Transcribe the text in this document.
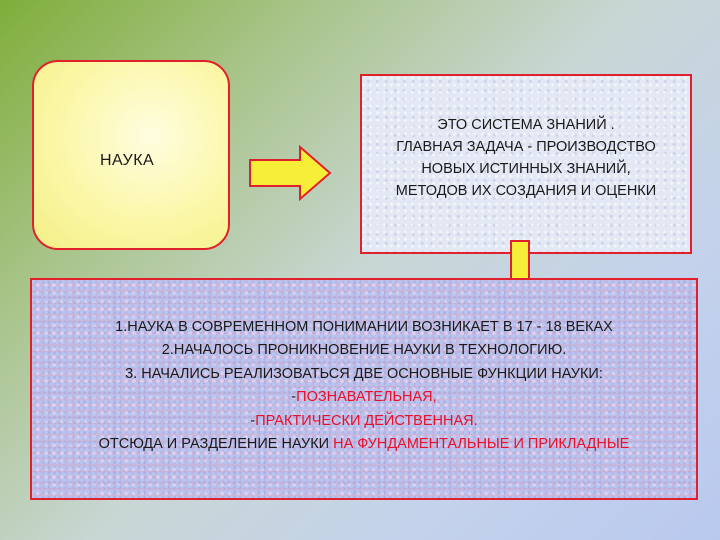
НАУКА
ЭТО СИСТЕМА ЗНАНИЙ .
ГЛАВНАЯ ЗАДАЧА - ПРОИЗВОДСТВО
НОВЫХ ИСТИННЫХ ЗНАНИЙ,
МЕТОДОВ ИХ СОЗДАНИЯ И ОЦЕНКИ
1.НАУКА В СОВРЕМЕННОМ ПОНИМАНИИ ВОЗНИКАЕТ В 17 - 18 ВЕКАХ
2.НАЧАЛОСЬ ПРОНИКНОВЕНИЕ НАУКИ В ТЕХНОЛОГИЮ.
3. НАЧАЛИСЬ РЕАЛИЗОВАТЬСЯ ДВЕ ОСНОВНЫЕ ФУНКЦИИ НАУКИ:
-ПОЗНАВАТЕЛЬНАЯ,
-ПРАКТИЧЕСКИ ДЕЙСТВЕННАЯ.
ОТСЮДА И РАЗДЕЛЕНИЕ НАУКИ НА ФУНДАМЕНТАЛЬНЫЕ И ПРИКЛАДНЫЕ
